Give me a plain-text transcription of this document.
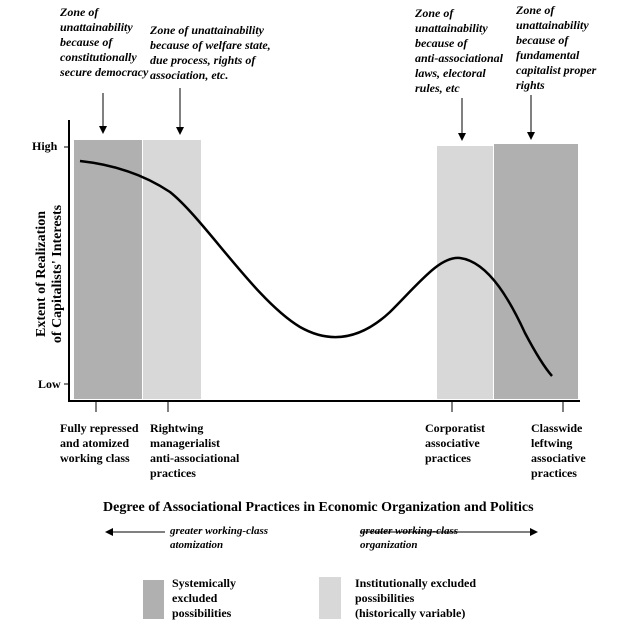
Zone of
unattainability
because of
constitutionally
secure democracy
Zone of unattainability
because of welfare state,
due process, rights of
association, etc.
Zone of
unattainability
because of
anti-associational
laws, electoral
rules, etc
Zone of
unattainability
because of
fundamental
capitalist proper
rights
Extent of Realization of Capitalists' Interests
High
Low
Fully repressed
and atomized
working class
Rightwing
managerialist
anti-associational
practices
Corporatist
associative
practices
Classwide
leftwing
associative
practices
Degree of Associational Practices in Economic Organization and Politics
greater working-class
atomization
greater working-class
organization
Systemically
excluded
possibilities
Institutionally excluded
possibilities
(historically variable)
